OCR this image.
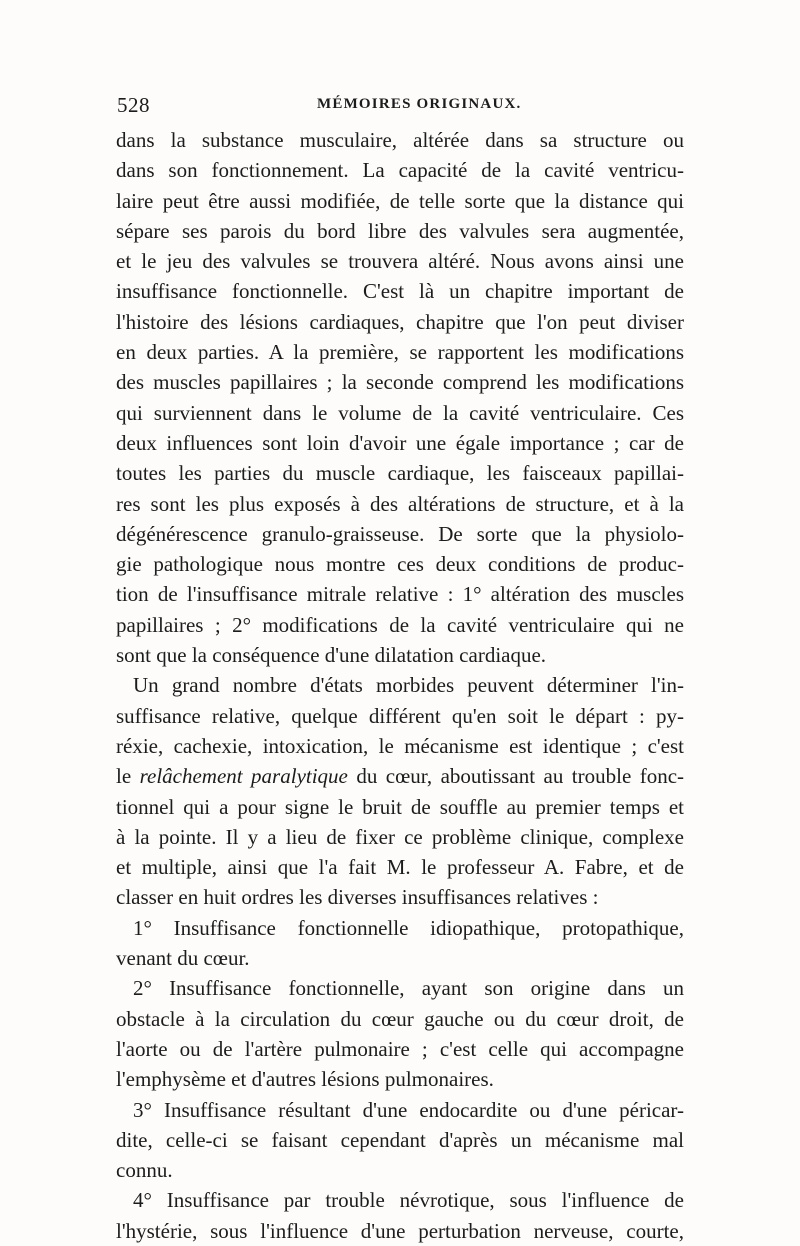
528	MÉMOIRES ORIGINAUX.
dans la substance musculaire, altérée dans sa structure ou
dans son fonctionnement. La capacité de la cavité ventricu-
laire peut être aussi modifiée, de telle sorte que la distance qui
sépare ses parois du bord libre des valvules sera augmentée,
et le jeu des valvules se trouvera altéré. Nous avons ainsi une
insuffisance fonctionnelle. C'est là un chapitre important de
l'histoire des lésions cardiaques, chapitre que l'on peut diviser
en deux parties. A la première, se rapportent les modifications
des muscles papillaires ; la seconde comprend les modifications
qui surviennent dans le volume de la cavité ventriculaire. Ces
deux influences sont loin d'avoir une égale importance ; car de
toutes les parties du muscle cardiaque, les faisceaux papillai-
res sont les plus exposés à des altérations de structure, et à la
dégénérescence granulo-graisseuse. De sorte que la physiolo-
gie pathologique nous montre ces deux conditions de produc-
tion de l'insuffisance mitrale relative : 1° altération des muscles
papillaires ; 2° modifications de la cavité ventriculaire qui ne
sont que la conséquence d'une dilatation cardiaque.
Un grand nombre d'états morbides peuvent déterminer l'in-
suffisance relative, quelque différent qu'en soit le départ : py-
réxie, cachexie, intoxication, le mécanisme est identique ; c'est
le relâchement paralytique du cœur, aboutissant au trouble fonc-
tionnel qui a pour signe le bruit de souffle au premier temps et
à la pointe. Il y a lieu de fixer ce problème clinique, complexe
et multiple, ainsi que l'a fait M. le professeur A. Fabre, et de
classer en huit ordres les diverses insuffisances relatives :
1° Insuffisance fonctionnelle idiopathique, protopathique,
venant du cœur.
2° Insuffisance fonctionnelle, ayant son origine dans un
obstacle à la circulation du cœur gauche ou du cœur droit, de
l'aorte ou de l'artère pulmonaire ; c'est celle qui accompagne
l'emphysème et d'autres lésions pulmonaires.
3° Insuffisance résultant d'une endocardite ou d'une péricar-
dite, celle-ci se faisant cependant d'après un mécanisme mal
connu.
4° Insuffisance par trouble névrotique, sous l'influence de
l'hystérie, sous l'influence d'une perturbation nerveuse, courte,
